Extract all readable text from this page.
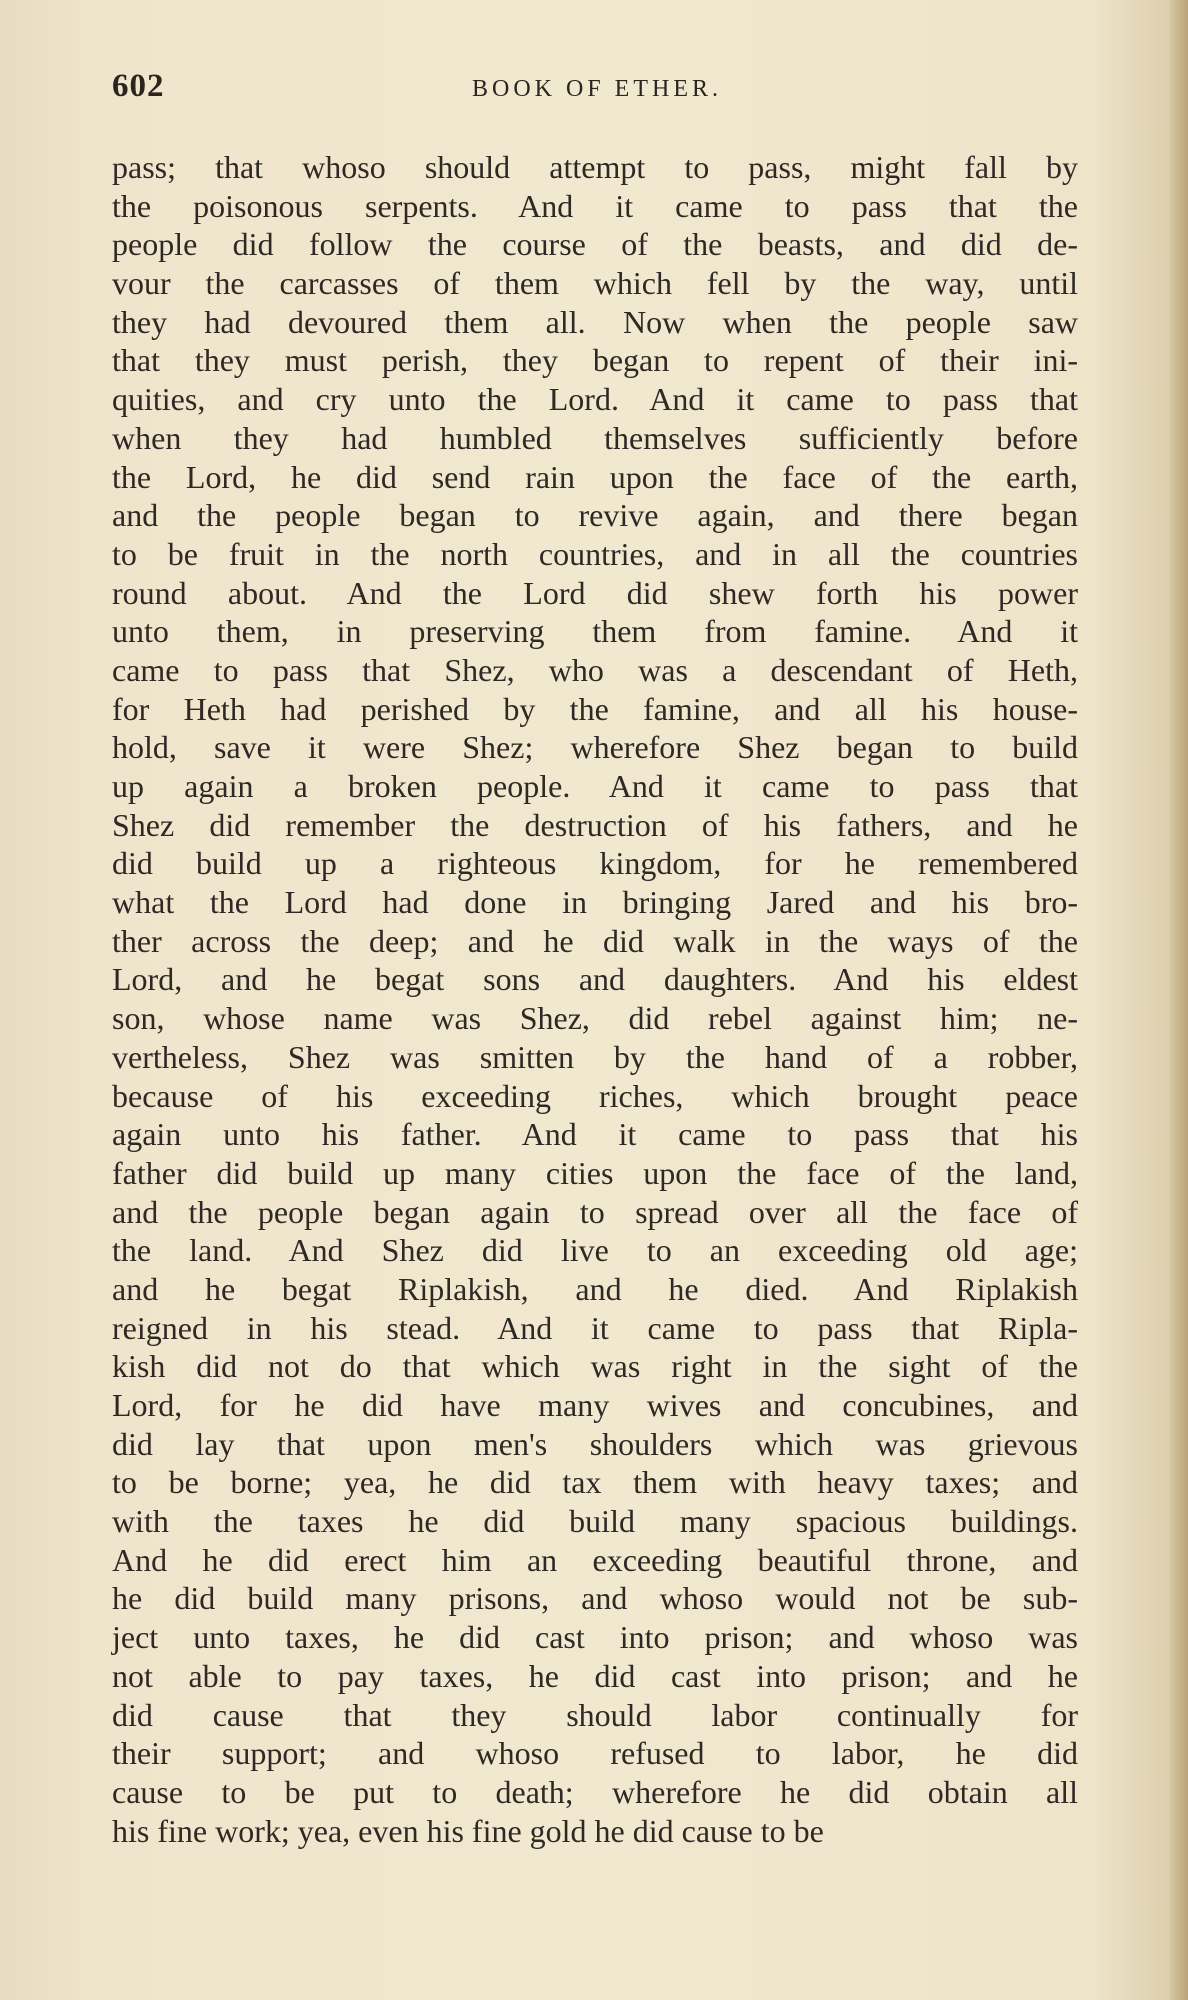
602	BOOK OF ETHER.
pass; that whoso should attempt to pass, might fall by
the poisonous serpents. And it came to pass that the
people did follow the course of the beasts, and did de-
vour the carcasses of them which fell by the way, until
they had devoured them all. Now when the people saw
that they must perish, they began to repent of their ini-
quities, and cry unto the Lord. And it came to pass that
when they had humbled themselves sufficiently before
the Lord, he did send rain upon the face of the earth,
and the people began to revive again, and there began
to be fruit in the north countries, and in all the countries
round about. And the Lord did shew forth his power
unto them, in preserving them from famine. And it
came to pass that Shez, who was a descendant of Heth,
for Heth had perished by the famine, and all his house-
hold, save it were Shez; wherefore Shez began to build
up again a broken people. And it came to pass that
Shez did remember the destruction of his fathers, and he
did build up a righteous kingdom, for he remembered
what the Lord had done in bringing Jared and his bro-
ther across the deep; and he did walk in the ways of the
Lord, and he begat sons and daughters. And his eldest
son, whose name was Shez, did rebel against him; ne-
vertheless, Shez was smitten by the hand of a robber,
because of his exceeding riches, which brought peace
again unto his father. And it came to pass that his
father did build up many cities upon the face of the land,
and the people began again to spread over all the face of
the land. And Shez did live to an exceeding old age;
and he begat Riplakish, and he died. And Riplakish
reigned in his stead. And it came to pass that Ripla-
kish did not do that which was right in the sight of the
Lord, for he did have many wives and concubines, and
did lay that upon men's shoulders which was grievous
to be borne; yea, he did tax them with heavy taxes; and
with the taxes he did build many spacious buildings.
And he did erect him an exceeding beautiful throne, and
he did build many prisons, and whoso would not be sub-
ject unto taxes, he did cast into prison; and whoso was
not able to pay taxes, he did cast into prison; and he
did cause that they should labor continually for
their support; and whoso refused to labor, he did
cause to be put to death; wherefore he did obtain all
his fine work; yea, even his fine gold he did cause to be
